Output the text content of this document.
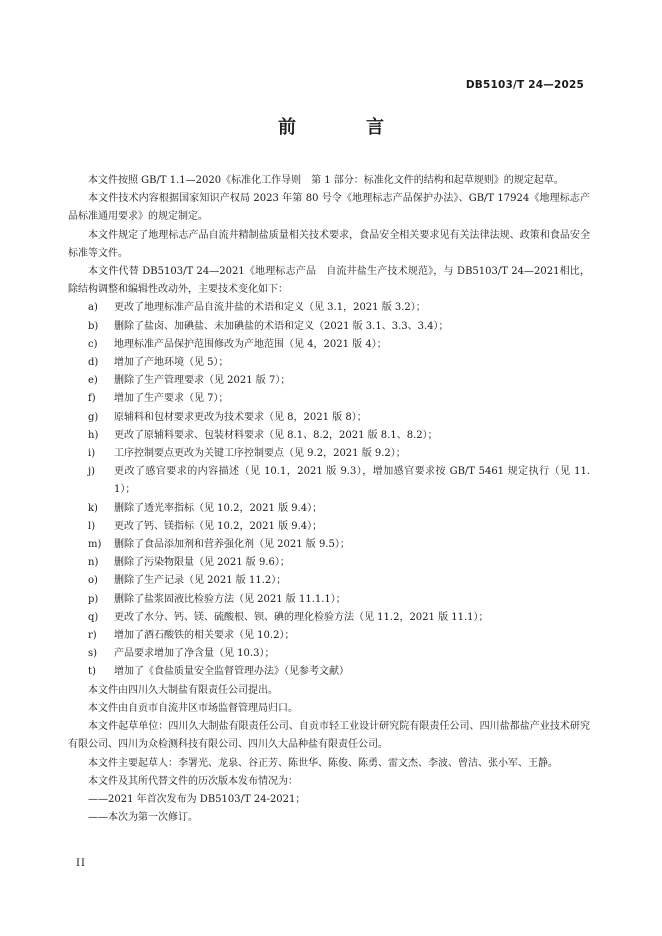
DB5103/T 24—2025
前　言
本文件按照 GB/T 1.1—2020《标准化工作导则　第 1 部分：标准化文件的结构和起草规则》的规定起草。
本文件技术内容根据国家知识产权局 2023 年第 80 号令《地理标志产品保护办法》、GB/T 17924《地理标志产品标准通用要求》的规定制定。
本文件规定了地理标志产品自流井精制盐质量相关技术要求，食品安全相关要求见有关法律法规、政策和食品安全标准等文件。
本文件代替 DB5103/T 24—2021《地理标志产品　自流井盐生产技术规范》，与 DB5103/T 24—2021相比，除结构调整和编辑性改动外，主要技术变化如下：
a) 更改了地理标准产品自流井盐的术语和定义（见 3.1，2021 版 3.2）；
b) 删除了盐卤、加碘盐、未加碘盐的术语和定义（2021 版 3.1、3.3、3.4）；
c) 地理标准产品保护范围修改为产地范围（见 4，2021 版 4）；
d) 增加了产地环境（见 5）；
e) 删除了生产管理要求（见 2021 版 7）；
f) 增加了生产要求（见 7）；
g) 原辅料和包材要求更改为技术要求（见 8，2021 版 8）；
h) 更改了原辅料要求、包装材料要求（见 8.1、8.2，2021 版 8.1、8.2）；
i) 工序控制要点更改为关键工序控制要点（见 9.2，2021 版 9.2）；
j) 更改了感官要求的内容描述（见 10.1，2021 版 9.3），增加感官要求按 GB/T 5461 规定执行（见 11.1）；
k) 删除了透光率指标（见 10.2，2021 版 9.4）；
l) 更改了钙、镁指标（见 10.2，2021 版 9.4）；
m) 删除了食品添加剂和营养强化剂（见 2021 版 9.5）；
n) 删除了污染物限量（见 2021 版 9.6）；
o) 删除了生产记录（见 2021 版 11.2）；
p) 删除了盐浆固液比检验方法（见 2021 版 11.1.1）；
q) 更改了水分、钙、镁、硫酸根、钡、碘的理化检验方法（见 11.2，2021 版 11.1）；
r) 增加了酒石酸铁的相关要求（见 10.2）；
s) 产品要求增加了净含量（见 10.3）；
t) 增加了《食盐质量安全监督管理办法》（见参考文献）
本文件由四川久大制盐有限责任公司提出。
本文件由自贡市自流井区市场监督管理局归口。
本文件起草单位：四川久大制盐有限责任公司、自贡市轻工业设计研究院有限责任公司、四川盐都盐产业技术研究有限公司、四川为众检测科技有限公司、四川久大品种盐有限责任公司。
本文件主要起草人：李署光、龙泉、谷正芳、陈世华、陈俊、陈勇、雷文杰、李波、曾洁、张小军、王静。
本文件及其所代替文件的历次版本发布情况为：
——2021 年首次发布为 DB5103/T 24-2021；
——本次为第一次修订。
II
